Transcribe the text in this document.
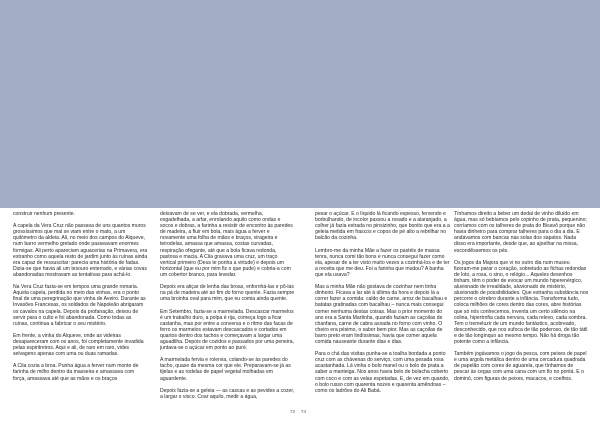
construir nenhum presente.

A capela da Vera Cruz não passava de uns quantos muros grossíssimos que mal se viam entre o mato, a um quilómetro da aldeia. Ali, no meio dos campos do Alqueve, num barro vermelho gretado onde passeavam enormes formigas. Ali perto apareciam aguacerias na Primavera, era estranho como aquela resto de jardim junto às ruínas ainda era capaz de ressuscitar: parecia uma história de fadas. Dizia-se que havia ali um tesouro enterrado, e várias covas abandonadas mostravam as tentativas para achá-lo.

Na Vera Cruz fazia-se em tempos uma grande romaria. Aquela capela, perdida no meio das vinhas, era o ponto final de uma peregrinação que vinha de Aveiro. Durante as Invasões Francesas, os soldados de Napoleão abrigaram os cavalos na capela. Depois da profanação, deixou de servir para o culto e foi abandonada. Como todas as ruínas, continua a fabricar o seu mistério.

Em frente, a vinha do Alqueve, onde as videiras desapareceram com os anos, foi completamente invadida pelas espiritreiros. Aqui e ali, de raro em raro, vides selvagens apenas com uma ou duas ramadas.

A Cila cozia a broa. Punha água a ferver num monte de farinha de milho dentro da masseira e amassava com força, amassava até que as mãos e os braços

deixavam de se ver, e ela dobrada, vermelha, esgadelhada, a arfar, enrolando aquilo como ondas e socos e dobras, a farinha a resistir de encontro às paredes de madeira, a fluir em bola, mais água a ferver e novamente uma folha de mãos e braços, virageira e teirodelas, amassa que amassa, costas curvadas, respiração ofegante, até que a bola ficava redonda, pastosa e macia. A Cila gravava uma cruz, um traço vertical primeiro (Deus te ponha a virtude) e depois um horizontal (que eu por mim fiz o que pude) e cobria-a com um cobertor branco, para levedar.

Depois era atiçar de lenha das broas, enfornhá-las e pô-las na pá de madeira até ao fim do forno quente. Fazia sempre uma broinha oval para mim, que eu comia ainda quente.

Em Setembro, fazia-se a marmelada. Descascar marmelos é um trabalho duro, a polpa é rija, começa logo a ficar castanha, mas por entre a conversa e o ritmo das facas de ferro os marmelos estavam descascados e cortados em quartos dentro dos tachos e começavam a largar uma aguadilha. Depois de cozidos e passados por uma peneira, juntava-se o açúcar em ponto ao puré.

A marmelada fervia e rolervia, colando-se às paredes do tacho, quase da mesma cor que ele. Preparavam-se já as tijelas e as rodelas de papel vegetal molhadas em aguardente.

Depois fazia-se a geleia — as cascas e as pevides a cozer, a largar o visco. Coar aquilo, medir a água,

pesar o açúcar. E o líquido lá ficando espesso, fervendo e borbulhando, de incolor passou a rosado e a alaranjado, a colher já fazia estrada no pinsizinho, que bonito que era a a geleia metida em frascos e copos de pé alto a rebrilhar no balcão da cozinha.

Lembro-me da minha Mãe a fazer os pastéis de massa tenra, nunca comi tão bons e nunca consegui fazer como ela, apesar de a ter visto muito vezes a cozinhá-los e de ter a receita que me deu. Foi a farinha que mudou? A banha que ela usava?

Mas a minha Mãe não gostava de cozinhar nem tinha dinheiro. Ficava a lar até à última da hora e depois lá a correr fazer a comida: caldo de carne, arroz de bacalhau e batatas gratinadas com bacalhau – nunca mais consegui comer nenhuma destas coisas. Mas o prior momento do ano era a Santa Martinha, quando faziam as caçoilas de chanfana, carne de cabra assada no forno com vinho. O cheiro era pésimo, o sabor bem pior. Mas as caçoilas de barro preto eram lindíssimas, havia que comer aquela comida nauseante durante dias e dias.

Para o chá das visitas punha-se a toalha bordada a ponto cruz com as chávenas do serviço, com uma pesada rosa acastanhada. Lá vinha o bolo manel ou o bolo de prata a saber a manteiga. Nos anos havia bolo de bolacha coberto com coco e com as velas espetadas. E, de vez em quando, o bolo russo com quarenta nozes e quarenta amêndoas – como os ladrões do Ali Babá.

Tínhamos direito a beber um dedal de vinho diluído em água, mas só bebíamos pelo copinho de prata, pequenino; corríamos com os talheres de prata do Bisavô porque não havia dinheiro para comprar talheres para o dia a dia. E andávamos com bancas nas solas dos sapatos. Nada disso era importante, desde que, ao ajoelhar na missa, escondêssemos os pés.

Os jogos da Majora que vi no outro dia num museu fizeram-me parar o coração, sobretudo as fichas redondas de loto, a rosa, o sino, o relógio... Aqueles desenhos tinham, têm o poder de evocar um mundo hiperenérgico, aluvionado de irrealidade, aluvionado de mistério, aluvionado de possibilidades. Que estranha substância nos percorre o cérebro durante a infância. Transforma tudo, coloca milhões de cores dentro das cores, abre histórias que só nós conhecemos, inventa um certo silêncio na colina, hipertrofia cada nervura, cada relevo, cada sombra. Tem o tremeluzir de um mundo fantástico, acobreado, desconhecido, que nos sufoca de tão poderoso, de tão tátil e de tão longínquo ao mesmo tempo. Não há droga tão potente como a infância.

Também jogávamos o jogo da pesca, com peixes de papel e uma argola metálica dentro de uma cercadura quadrada de papelão com cores de aguarela, que tínhamos de pescar às cegas com uma cana com um fio no pontá. E o dominó, com figuras de peixes, macacos, e coelhos.

73 74
